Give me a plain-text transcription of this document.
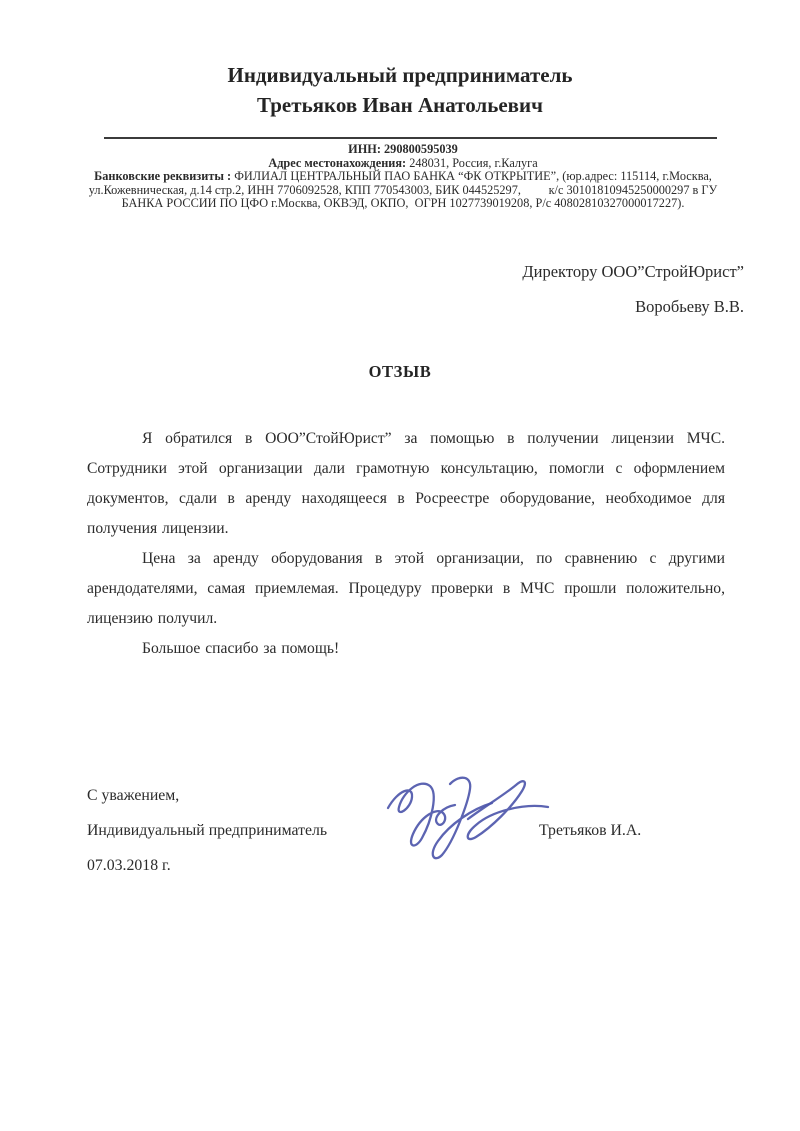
Индивидуальный предприниматель
Третьяков Иван Анатольевич
ИНН: 290800595039
Адрес местонахождения: 248031, Россия, г.Калуга
Банковские реквизиты : ФИЛИАЛ ЦЕНТРАЛЬНЫЙ ПАО БАНКА “ФК ОТКРЫТИЕ”, (юр.адрес: 115114, г.Москва,
ул.Кожевническая, д.14 стр.2, ИНН 7706092528, КПП 770543003, БИК 044525297,         к/с 30101810945250000297 в ГУ
БАНКА РОССИИ ПО ЦФО г.Москва, ОКВЭД, ОКПО,  ОГРН 1027739019208, Р/с 40802810327000017227).
Директору ООО”СтройЮрист”
Воробьеву В.В.
ОТЗЫВ
Я обратился в ООО”СтойЮрист” за помощью в получении лицензии МЧС.
Сотрудники этой организации дали грамотную консультацию, помогли с оформлением
документов, сдали в аренду находящееся в Росреестре оборудование, необходимое для
получения лицензии.
Цена за аренду оборудования в этой организации, по сравнению с другими
арендодателями, самая приемлемая. Процедуру проверки в МЧС прошли положительно,
лицензию получил.
Большое спасибо за помощь!
С уважением,
Индивидуальный предприниматель	Третьяков И.А.
07.03.2018 г.
